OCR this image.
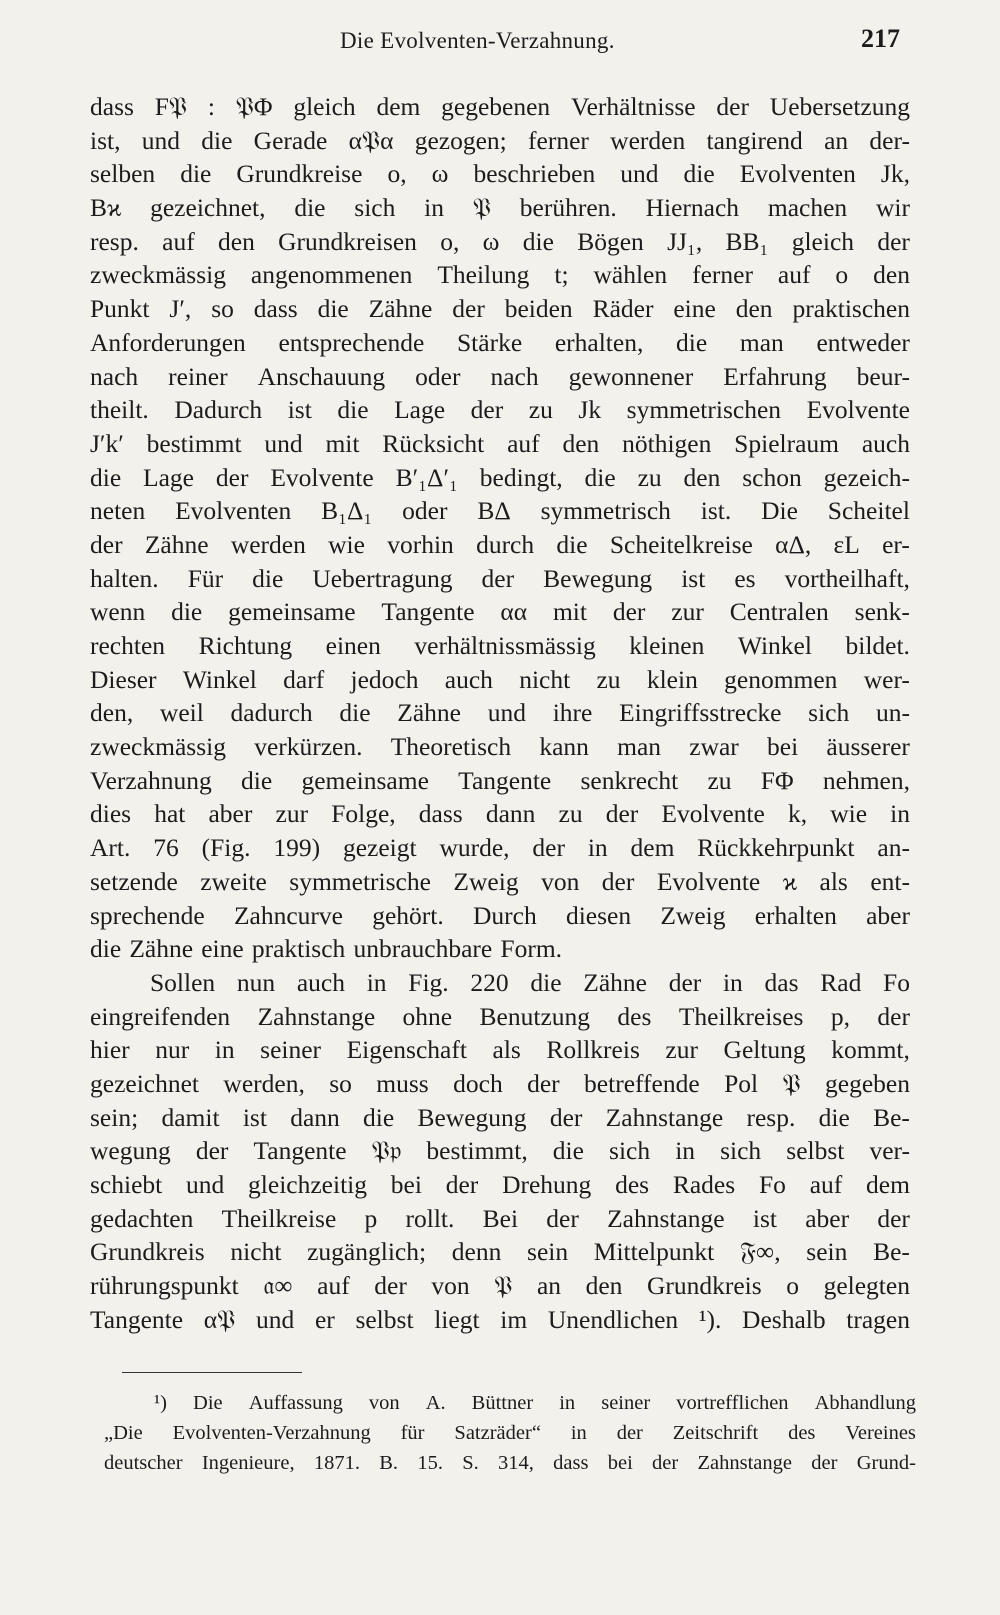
Die Evolventen-Verzahnung.	217
dass F𝔓 : 𝔓Φ gleich dem gegebenen Verhältnisse der Uebersetzung
ist, und die Gerade α𝔓α gezogen; ferner werden tangirend an der-
selben die Grundkreise o, ω beschrieben und die Evolventen Jk,
Βϰ gezeichnet, die sich in 𝔓 berühren. Hiernach machen wir
resp. auf den Grundkreisen o, ω die Bögen JJ₁, ΒΒ₁ gleich der
zweckmässig angenommenen Theilung t; wählen ferner auf o den
Punkt J′, so dass die Zähne der beiden Räder eine den praktischen
Anforderungen entsprechende Stärke erhalten, die man entweder
nach reiner Anschauung oder nach gewonnener Erfahrung beur-
theilt. Dadurch ist die Lage der zu Jk symmetrischen Evolvente
J′k′ bestimmt und mit Rücksicht auf den nöthigen Spielraum auch
die Lage der Evolvente Β′₁Δ′₁ bedingt, die zu den schon gezeich-
neten Evolventen Β₁Δ₁ oder ΒΔ symmetrisch ist. Die Scheitel
der Zähne werden wie vorhin durch die Scheitelkreise αΔ, εL er-
halten. Für die Uebertragung der Bewegung ist es vortheilhaft,
wenn die gemeinsame Tangente αα mit der zur Centralen senk-
rechten Richtung einen verhältnissmässig kleinen Winkel bildet.
Dieser Winkel darf jedoch auch nicht zu klein genommen wer-
den, weil dadurch die Zähne und ihre Eingriffsstrecke sich un-
zweckmässig verkürzen. Theoretisch kann man zwar bei äusserer
Verzahnung die gemeinsame Tangente senkrecht zu FΦ nehmen,
dies hat aber zur Folge, dass dann zu der Evolvente k, wie in
Art. 76 (Fig. 199) gezeigt wurde, der in dem Rückkehrpunkt an-
setzende zweite symmetrische Zweig von der Evolvente ϰ als ent-
sprechende Zahncurve gehört. Durch diesen Zweig erhalten aber
die Zähne eine praktisch unbrauchbare Form.
Sollen nun auch in Fig. 220 die Zähne der in das Rad Fo
eingreifenden Zahnstange ohne Benutzung des Theilkreises p, der
hier nur in seiner Eigenschaft als Rollkreis zur Geltung kommt,
gezeichnet werden, so muss doch der betreffende Pol 𝔓 gegeben
sein; damit ist dann die Bewegung der Zahnstange resp. die Be-
wegung der Tangente 𝔓𝔭 bestimmt, die sich in sich selbst ver-
schiebt und gleichzeitig bei der Drehung des Rades Fo auf dem
gedachten Theilkreise p rollt. Bei der Zahnstange ist aber der
Grundkreis nicht zugänglich; denn sein Mittelpunkt 𝔉∞, sein Be-
rührungspunkt 𝔞∞ auf der von 𝔓 an den Grundkreis o gelegten
Tangente α𝔓 und er selbst liegt im Unendlichen ¹). Deshalb tragen
¹) Die Auffassung von A. Büttner in seiner vortrefflichen Abhandlung
„Die Evolventen-Verzahnung für Satzräder“ in der Zeitschrift des Vereines
deutscher Ingenieure, 1871. B. 15. S. 314, dass bei der Zahnstange der Grund-
